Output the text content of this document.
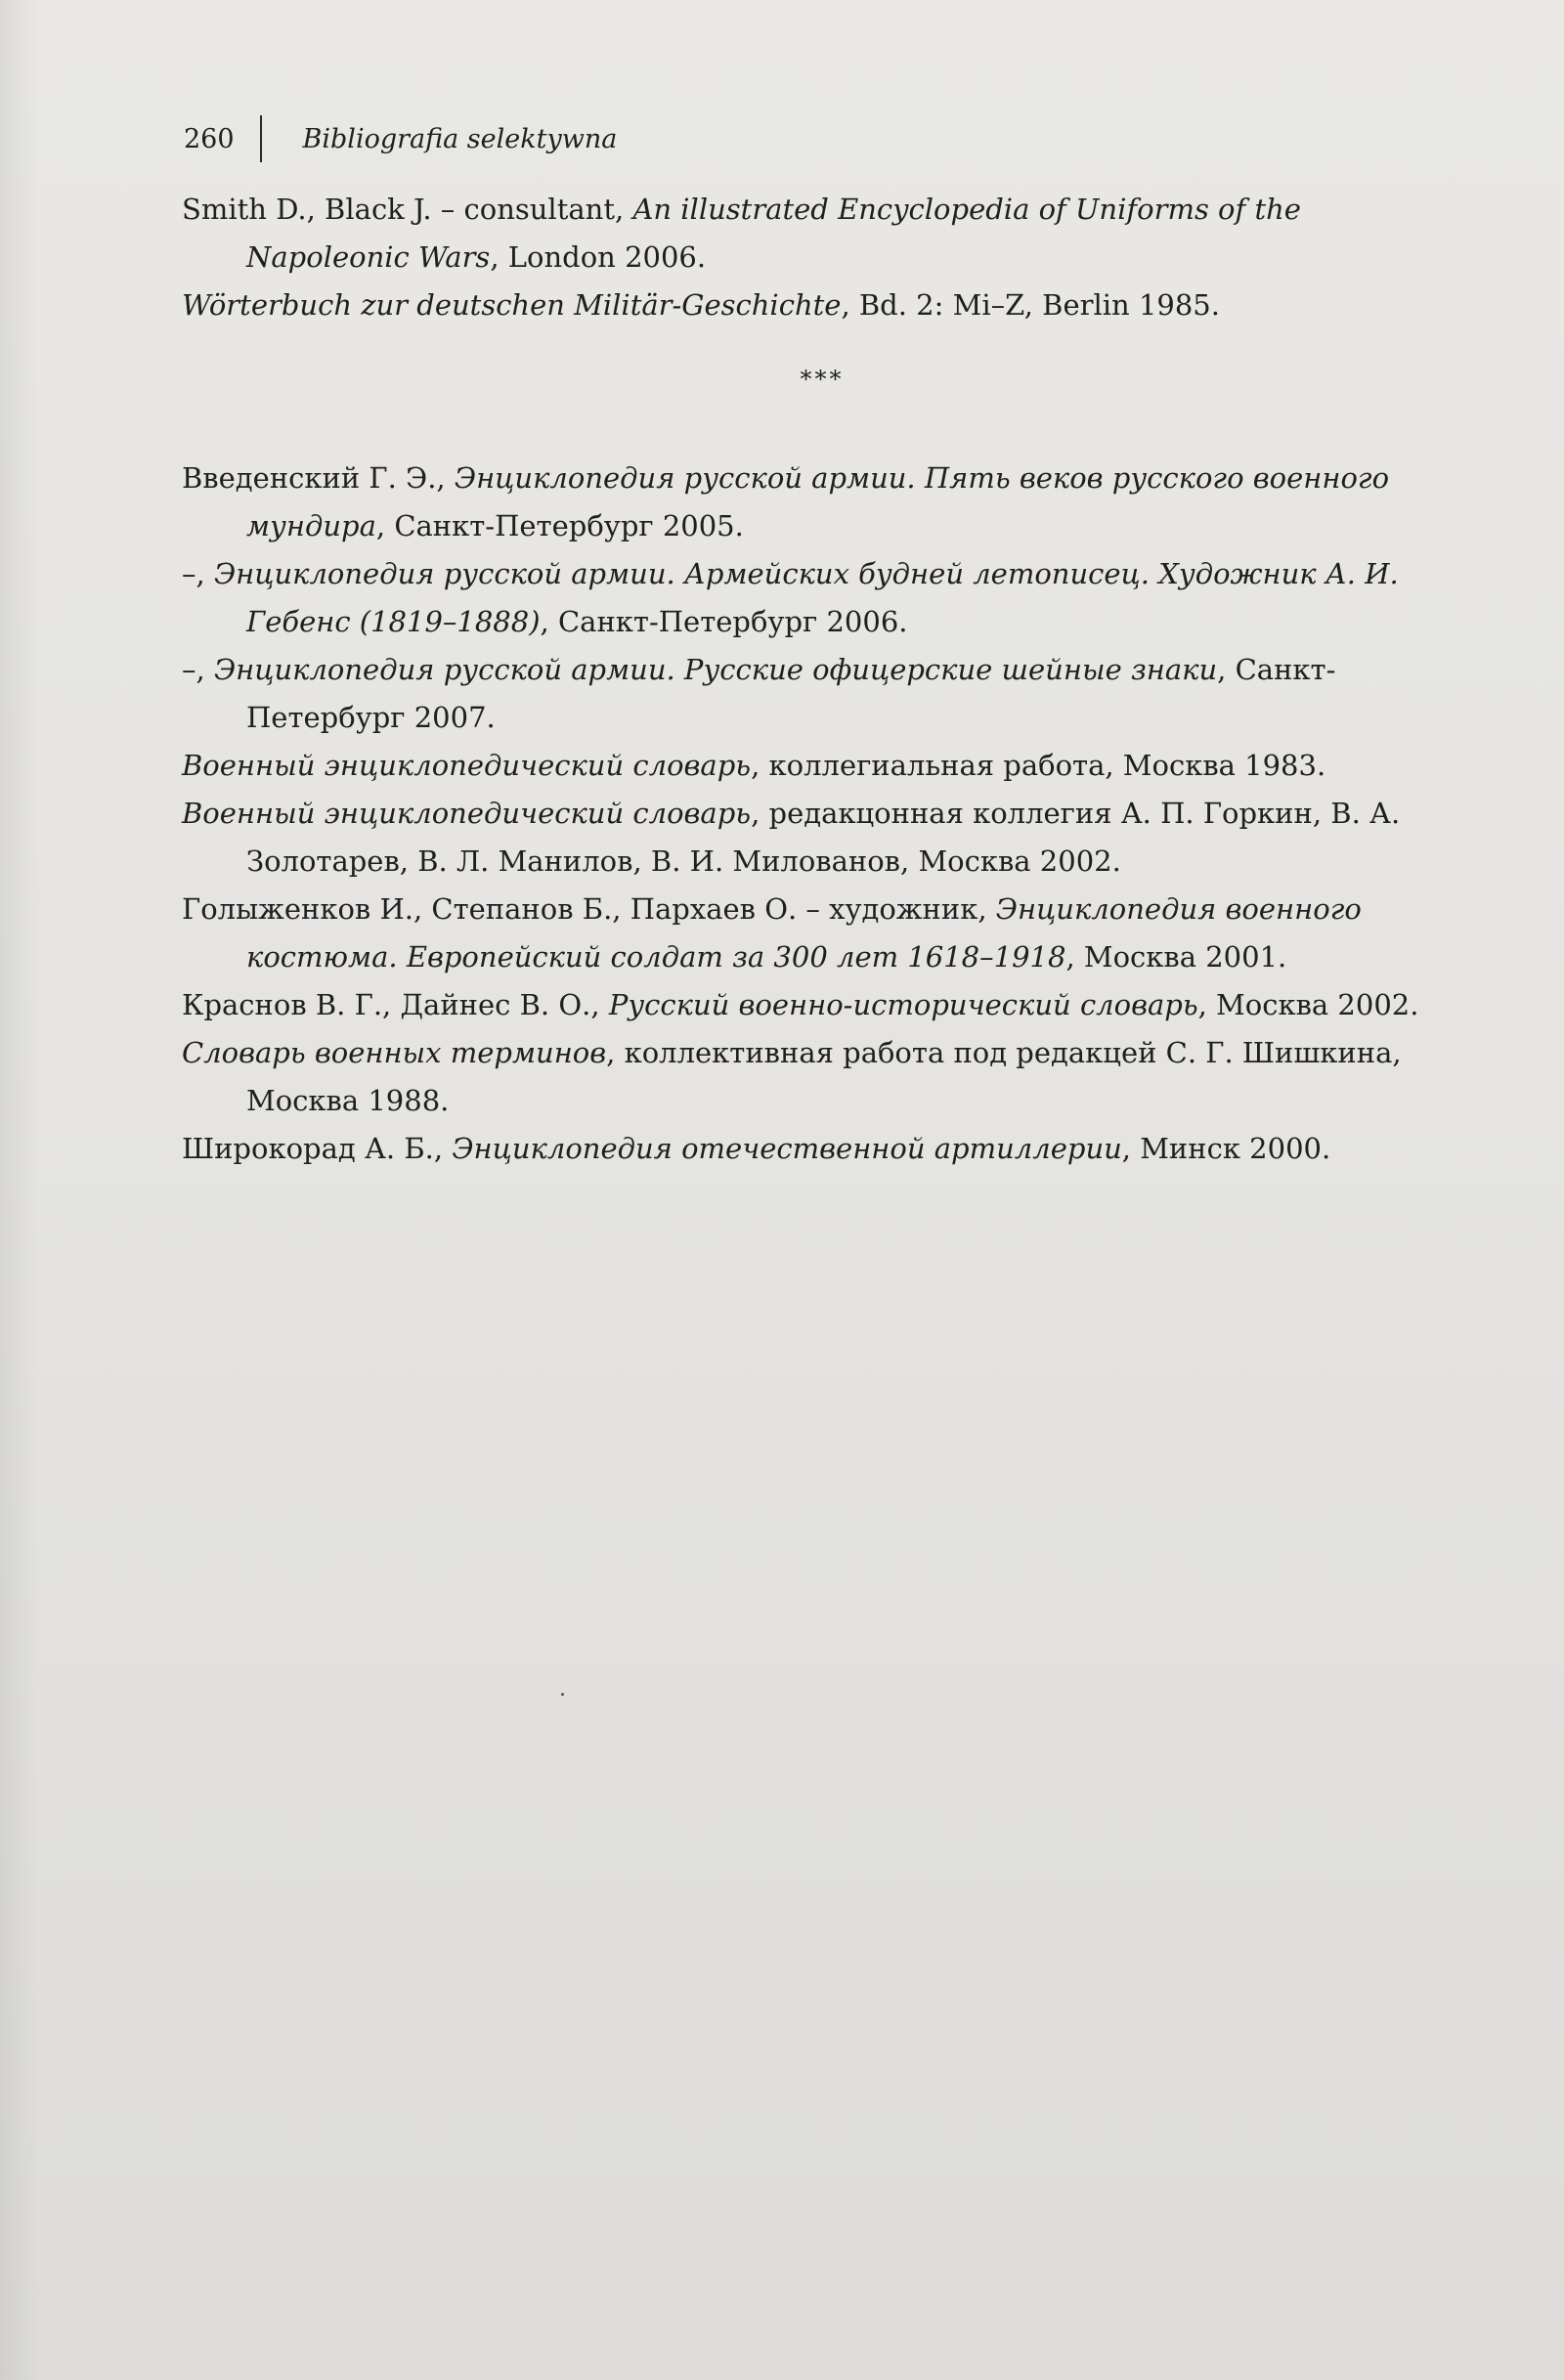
260	Bibliografia selektywna

Smith D., Black J. – consultant, An illustrated Encyclopedia of Uniforms of the Napoleonic Wars, London 2006.

Wörterbuch zur deutschen Militär-Geschichte, Bd. 2: Mi–Z, Berlin 1985.

***

Введенский Г. Э., Энциклопедия русской армии. Пять веков русского военного мундира, Санкт-Петербург 2005.

–, Энциклопедия русской армии. Армейских будней летописец. Художник А. И. Гебенс (1819–1888), Санкт-Петербург 2006.

–, Энциклопедия русской армии. Русские офицерские шейные знаки, Санкт-Петербург 2007.

Военный энциклопедический словарь, коллегиальная работа, Москва 1983.

Военный энциклопедический словарь, редакцонная коллегия А. П. Горкин, В. А. Золотарев, В. Л. Манилов, В. И. Милованов, Москва 2002.

Голыженков И., Степанов Б., Пархаев О. – художник, Энциклопедия военного костюма. Европейский солдат за 300 лет 1618–1918, Москва 2001.

Краснов В. Г., Дайнес В. О., Русский военно-исторический словарь, Москва 2002.

Словарь военных терминов, коллективная работа под редакцей С. Г. Шишкина, Москва 1988.

Широкорад А. Б., Энциклопедия отечественной артиллерии, Минск 2000.
